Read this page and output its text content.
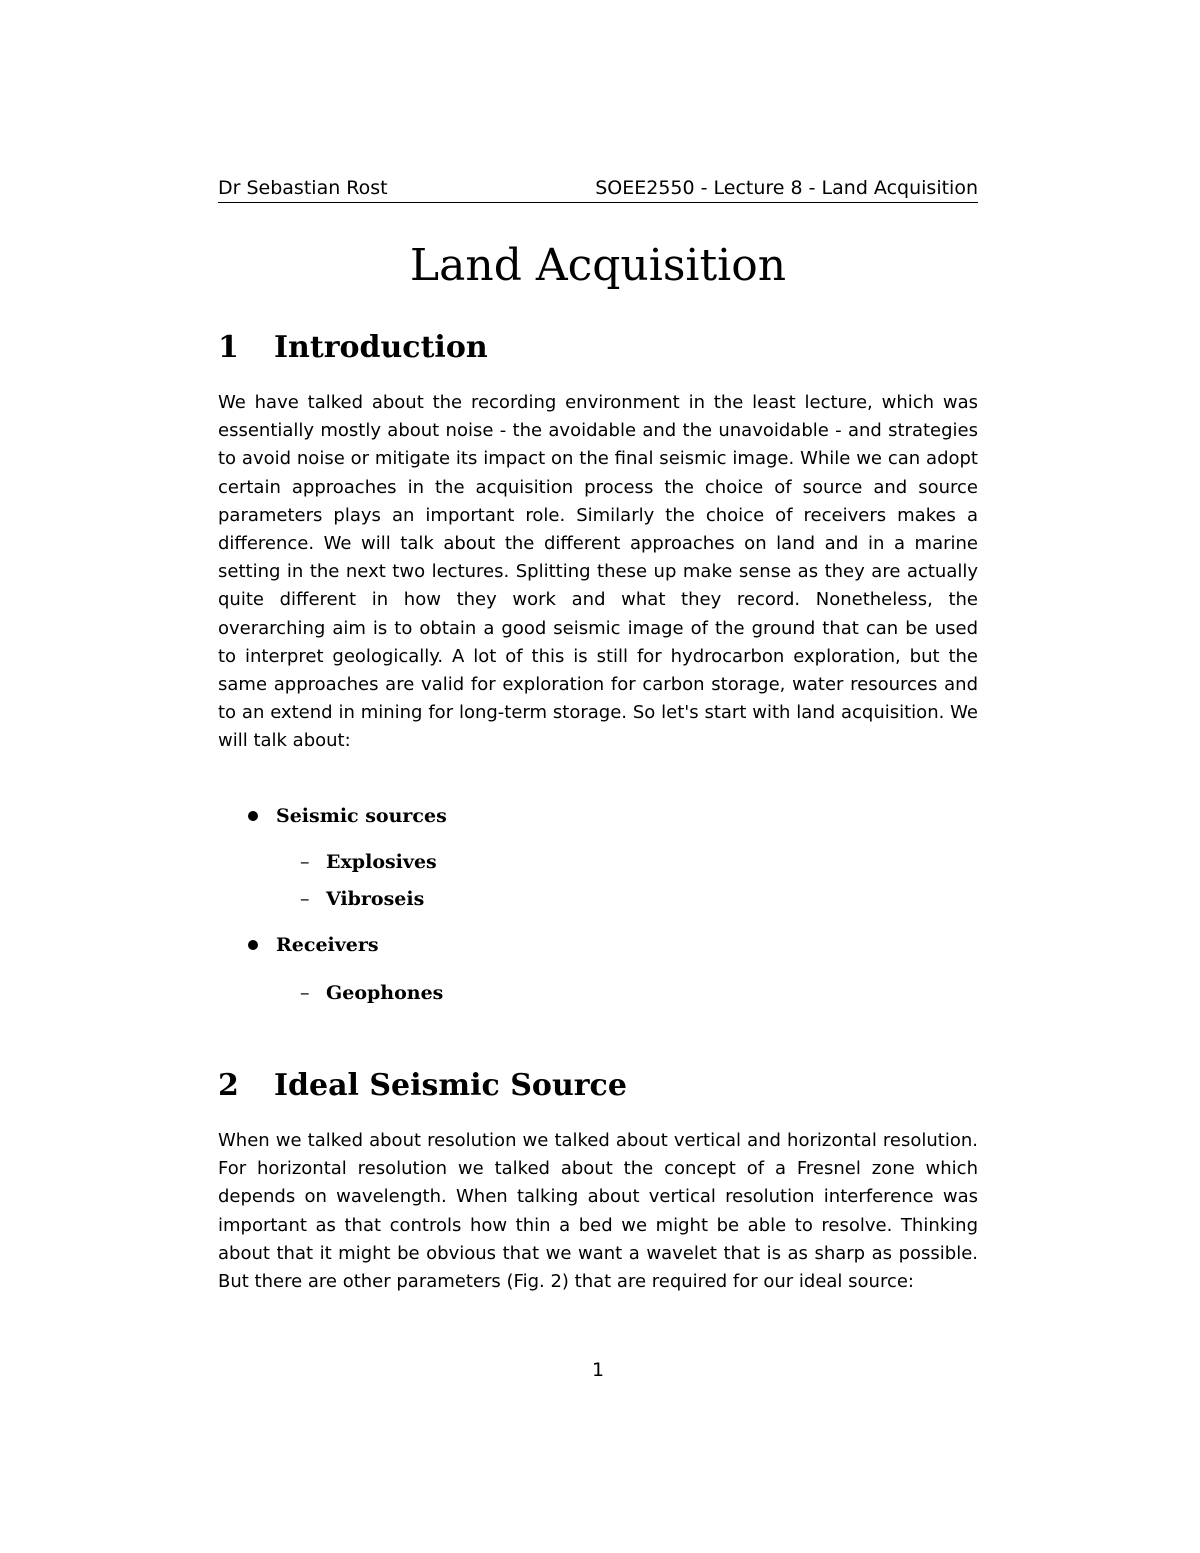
Dr Sebastian Rost	SOEE2550 - Lecture 8 - Land Acquisition
Land Acquisition
1 Introduction

We have talked about the recording environment in the least lecture, which was essentially mostly about noise - the avoidable and the unavoidable - and strategies to avoid noise or mitigate its impact on the final seismic image. While we can adopt certain approaches in the acquisition process the choice of source and source parameters plays an important role. Similarly the choice of receivers makes a difference. We will talk about the different approaches on land and in a marine setting in the next two lectures. Splitting these up make sense as they are actually quite different in how they work and what they record. Nonetheless, the overarching aim is to obtain a good seismic image of the ground that can be used to interpret geologically. A lot of this is still for hydrocarbon exploration, but the same approaches are valid for exploration for carbon storage, water resources and to an extend in mining for long-term storage. So let's start with land acquisition. We will talk about:

Seismic sources
– Explosives
– Vibroseis
Receivers
– Geophones
2 Ideal Seismic Source

When we talked about resolution we talked about vertical and horizontal resolution. For horizontal resolution we talked about the concept of a Fresnel zone which depends on wavelength. When talking about vertical resolution interference was important as that controls how thin a bed we might be able to resolve. Thinking about that it might be obvious that we want a wavelet that is as sharp as possible. But there are other parameters (Fig. 2) that are required for our ideal source:

1
